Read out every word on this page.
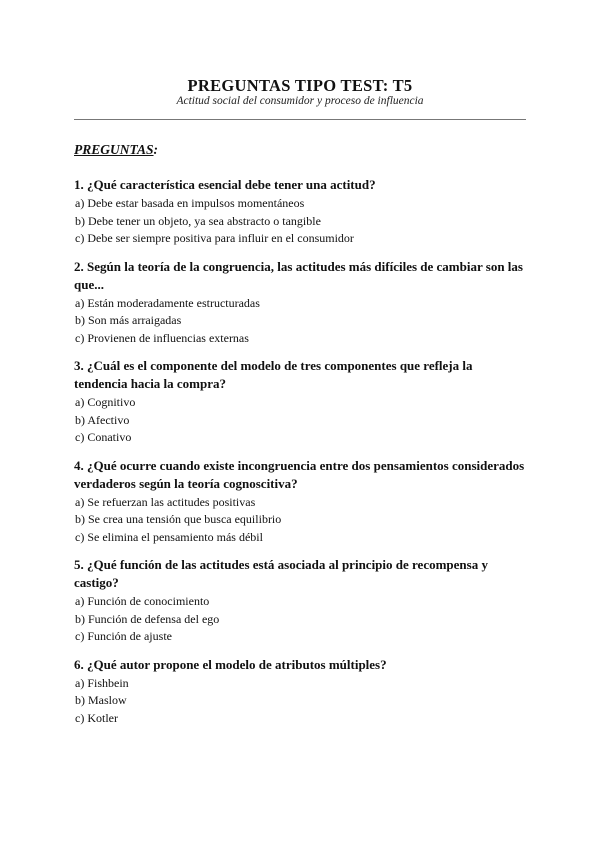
PREGUNTAS TIPO TEST: T5
Actitud social del consumidor y proceso de influencia
PREGUNTAS:
1. ¿Qué característica esencial debe tener una actitud?
a) Debe estar basada en impulsos momentáneos
b) Debe tener un objeto, ya sea abstracto o tangible
c) Debe ser siempre positiva para influir en el consumidor
2. Según la teoría de la congruencia, las actitudes más difíciles de cambiar son las que...
a) Están moderadamente estructuradas
b) Son más arraigadas
c) Provienen de influencias externas
3. ¿Cuál es el componente del modelo de tres componentes que refleja la tendencia hacia la compra?
a) Cognitivo
b) Afectivo
c) Conativo
4. ¿Qué ocurre cuando existe incongruencia entre dos pensamientos considerados verdaderos según la teoría cognoscitiva?
a) Se refuerzan las actitudes positivas
b) Se crea una tensión que busca equilibrio
c) Se elimina el pensamiento más débil
5. ¿Qué función de las actitudes está asociada al principio de recompensa y castigo?
a) Función de conocimiento
b) Función de defensa del ego
c) Función de ajuste
6. ¿Qué autor propone el modelo de atributos múltiples?
a) Fishbein
b) Maslow
c) Kotler
